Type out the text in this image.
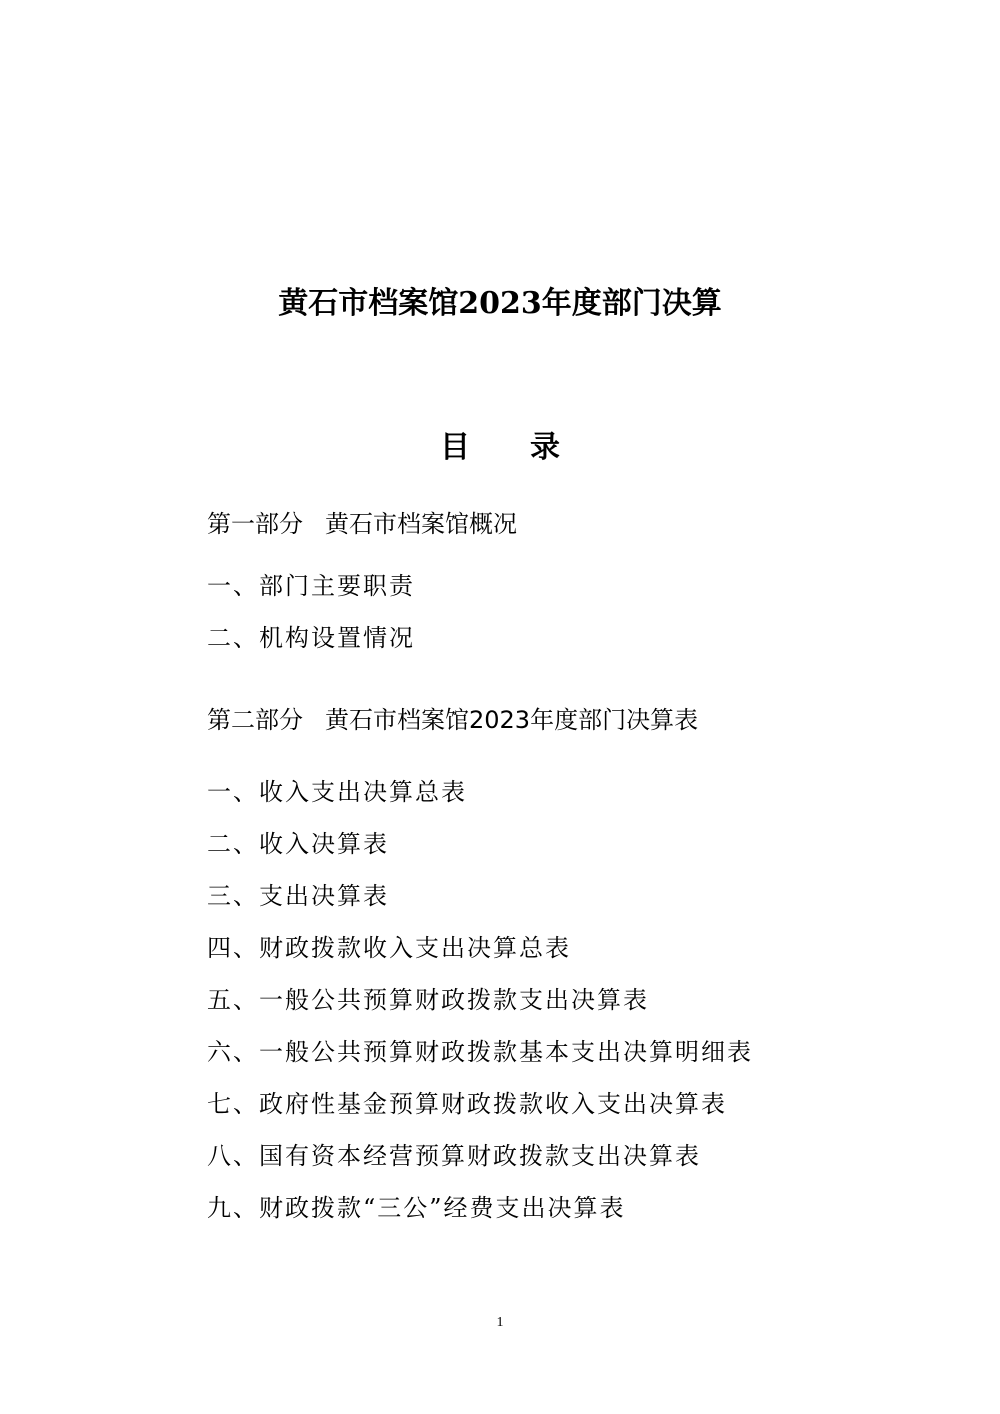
黄石市档案馆2023年度部门决算
目录
第一部分 黄石市档案馆概况
一、部门主要职责
二、机构设置情况
第二部分 黄石市档案馆2023年度部门决算表
一、收入支出决算总表
二、收入决算表
三、支出决算表
四、财政拨款收入支出决算总表
五、一般公共预算财政拨款支出决算表
六、一般公共预算财政拨款基本支出决算明细表
七、政府性基金预算财政拨款收入支出决算表
八、国有资本经营预算财政拨款支出决算表
九、财政拨款“三公”经费支出决算表
1
